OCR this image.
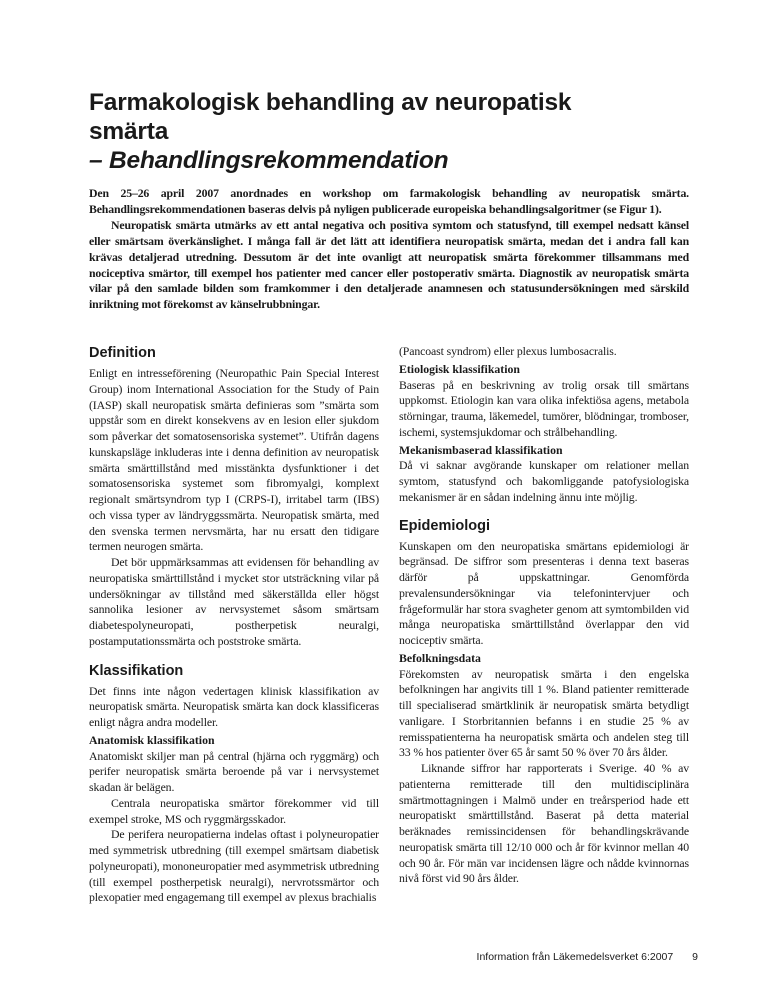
Farmakologisk behandling av neuropatisk
smärta
– Behandlingsrekommendation

Den 25–26 april 2007 anordnades en workshop om farmakologisk behandling av neuropatisk smärta. Behandlingsrekommendationen baseras delvis på nyligen publicerade europeiska behandlingsalgoritmer (se Figur 1).

Neuropatisk smärta utmärks av ett antal negativa och positiva symtom och statusfynd, till exempel nedsatt känsel eller smärtsam överkänslighet. I många fall är det lätt att identifiera neuropatisk smärta, medan det i andra fall kan krävas detaljerad utredning. Dessutom är det inte ovanligt att neuropatisk smärta förekommer tillsammans med nociceptiva smärtor, till exempel hos patienter med cancer eller postoperativ smärta. Diagnostik av neuropatisk smärta vilar på den samlade bilden som framkommer i den detaljerade anamnesen och statusundersökningen med särskild inriktning mot förekomst av känselrubbningar.

Definition

Enligt en intresseförening (Neuropathic Pain Special Interest Group) inom International Association for the Study of Pain (IASP) skall neuropatisk smärta definieras som ”smärta som uppstår som en direkt konsekvens av en lesion eller sjukdom som påverkar det somatosensoriska systemet”. Utifrån dagens kunskapsläge inkluderas inte i denna definition av neuropatisk smärta smärttillstånd med misstänkta dysfunktioner i det somatosensoriska systemet som fibromyalgi, komplext regionalt smärtsyndrom typ I (CRPS-I), irritabel tarm (IBS) och vissa typer av ländryggssmärta. Neuropatisk smärta, med den svenska termen nervsmärta, har nu ersatt den tidigare termen neurogen smärta.

Det bör uppmärksammas att evidensen för behandling av neuropatiska smärttillstånd i mycket stor utsträckning vilar på undersökningar av tillstånd med säkerställda eller högst sannolika lesioner av nervsystemet såsom smärtsam diabetespolyneuropati, postherpetisk neuralgi, postamputationssmärta och poststroke smärta.

Klassifikation

Det finns inte någon vedertagen klinisk klassifikation av neuropatisk smärta. Neuropatisk smärta kan dock klassificeras enligt några andra modeller.

Anatomisk klassifikation

Anatomiskt skiljer man på central (hjärna och ryggmärg) och perifer neuropatisk smärta beroende på var i nervsystemet skadan är belägen.

Centrala neuropatiska smärtor förekommer vid till exempel stroke, MS och ryggmärgsskador.

De perifera neuropatierna indelas oftast i polyneuropatier med symmetrisk utbredning (till exempel smärtsam diabetisk polyneuropati), mononeuropatier med asymmetrisk utbredning (till exempel postherpetisk neuralgi), nervrotssmärtor och plexopatier med engagemang till exempel av plexus brachialis

(Pancoast syndrom) eller plexus lumbosacralis.

Etiologisk klassifikation

Baseras på en beskrivning av trolig orsak till smärtans uppkomst. Etiologin kan vara olika infektiösa agens, metabola störningar, trauma, läkemedel, tumörer, blödningar, tromboser, ischemi, systemsjukdomar och strålbehandling.

Mekanismbaserad klassifikation

Då vi saknar avgörande kunskaper om relationer mellan symtom, statusfynd och bakomliggande patofysiologiska mekanismer är en sådan indelning ännu inte möjlig.

Epidemiologi

Kunskapen om den neuropatiska smärtans epidemiologi är begränsad. De siffror som presenteras i denna text baseras därför på uppskattningar. Genomförda prevalensundersökningar via telefonintervjuer och frågeformulär har stora svagheter genom att symtombilden vid många neuropatiska smärttillstånd överlappar den vid nociceptiv smärta.

Befolkningsdata

Förekomsten av neuropatisk smärta i den engelska befolkningen har angivits till 1 %. Bland patienter remitterade till specialiserad smärtklinik är neuropatisk smärta betydligt vanligare. I Storbritannien befanns i en studie 25 % av remisspatienterna ha neuropatisk smärta och andelen steg till 33 % hos patienter över 65 år samt 50 % över 70 års ålder.

Liknande siffror har rapporterats i Sverige. 40 % av patienterna remitterade till den multidisciplinära smärtmottagningen i Malmö under en treårsperiod hade ett neuropatiskt smärttillstånd. Baserat på detta material beräknades remissincidensen för behandlingskrävande neuropatisk smärta till 12/10 000 och år för kvinnor mellan 40 och 90 år. För män var incidensen lägre och nådde kvinnornas nivå först vid 90 års ålder.

Information från Läkemedelsverket 6:2007 9
